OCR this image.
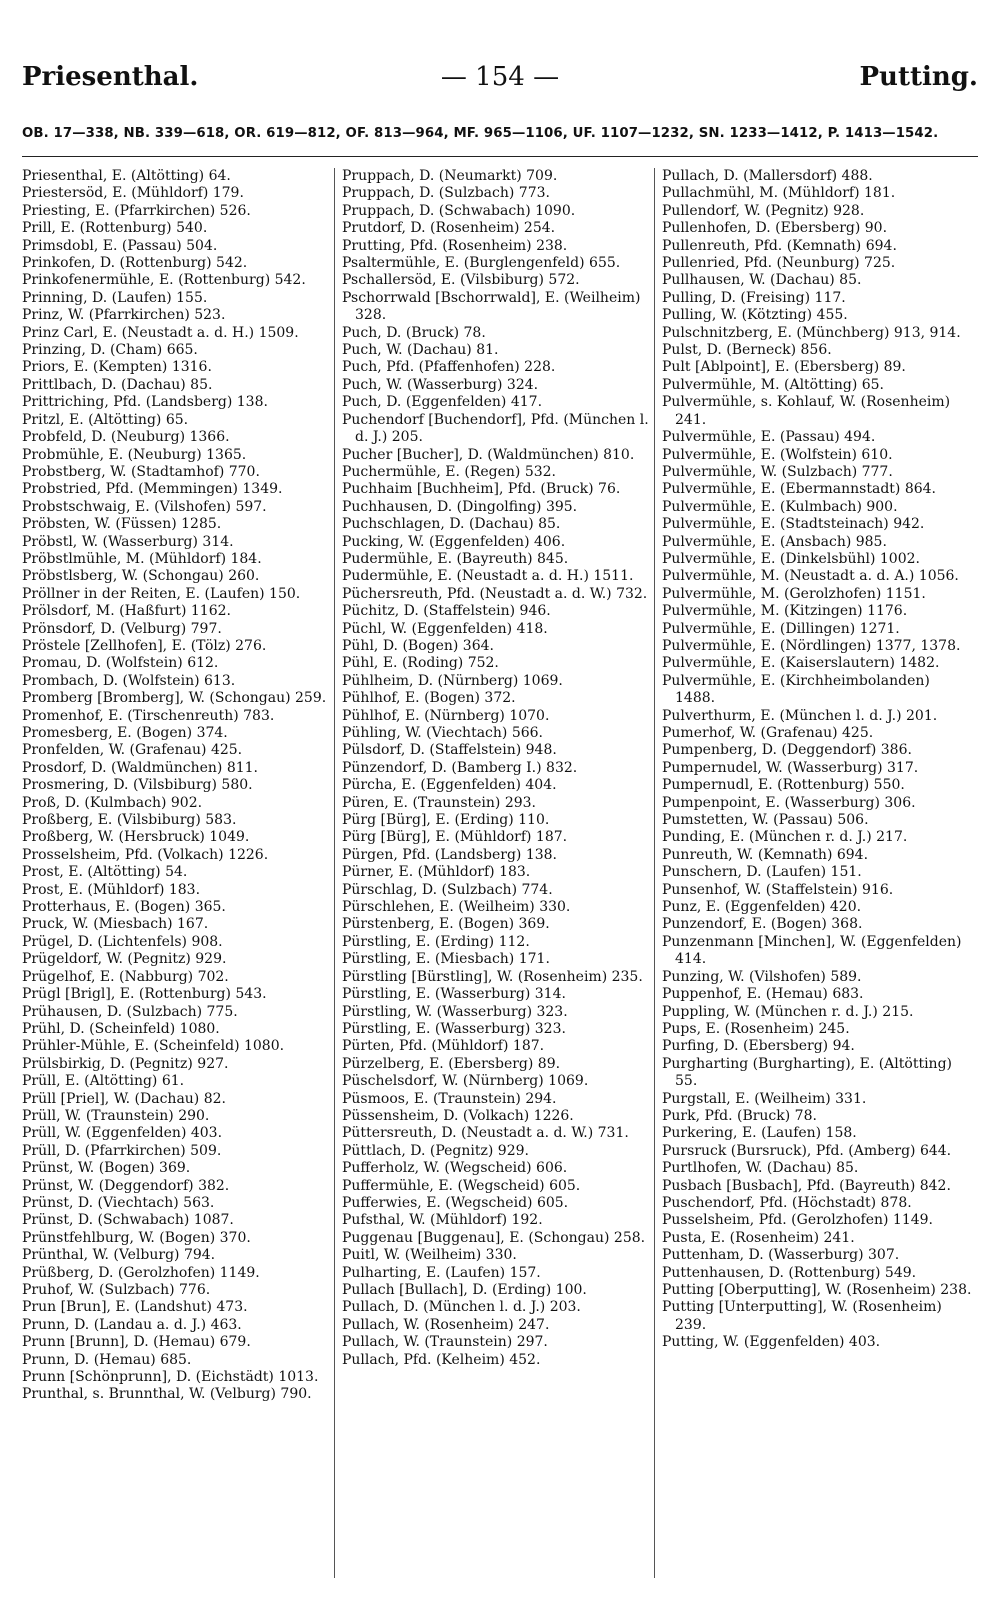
Priesenthal.	— 154 —	Putting.
OB. 17—338, NB. 339—618, OR. 619—812, OF. 813—964, MF. 965—1106, UF. 1107—1232, SN. 1233—1412, P. 1413—1542.
Priesenthal, E. (Altötting) 64.
Priestersöd, E. (Mühldorf) 179.
Priesting, E. (Pfarrkirchen) 526.
Prill, E. (Rottenburg) 540.
Primsdobl, E. (Passau) 504.
Prinkofen, D. (Rottenburg) 542.
Prinkofenermühle, E. (Rottenburg) 542.
Prinning, D. (Laufen) 155.
Prinz, W. (Pfarrkirchen) 523.
Prinz Carl, E. (Neustadt a. d. H.) 1509.
Prinzing, D. (Cham) 665.
Priors, E. (Kempten) 1316.
Prittlbach, D. (Dachau) 85.
Prittriching, Pfd. (Landsberg) 138.
Pritzl, E. (Altötting) 65.
Probfeld, D. (Neuburg) 1366.
Probmühle, E. (Neuburg) 1365.
Probstberg, W. (Stadtamhof) 770.
Probstried, Pfd. (Memmingen) 1349.
Probstschwaig, E. (Vilshofen) 597.
Pröbsten, W. (Füssen) 1285.
Pröbstl, W. (Wasserburg) 314.
Pröbstlmühle, M. (Mühldorf) 184.
Pröbstlsberg, W. (Schongau) 260.
Pröllner in der Reiten, E. (Laufen) 150.
Prölsdorf, M. (Haßfurt) 1162.
Prönsdorf, D. (Velburg) 797.
Pröstele [Zellhofen], E. (Tölz) 276.
Promau, D. (Wolfstein) 612.
Prombach, D. (Wolfstein) 613.
Promberg [Bromberg], W. (Schongau) 259.
Promenhof, E. (Tirschenreuth) 783.
Promesberg, E. (Bogen) 374.
Pronfelden, W. (Grafenau) 425.
Prosdorf, D. (Waldmünchen) 811.
Prosmering, D. (Vilsbiburg) 580.
Proß, D. (Kulmbach) 902.
Proßberg, E. (Vilsbiburg) 583.
Proßberg, W. (Hersbruck) 1049.
Prosselsheim, Pfd. (Volkach) 1226.
Prost, E. (Altötting) 54.
Prost, E. (Mühldorf) 183.
Protterhaus, E. (Bogen) 365.
Pruck, W. (Miesbach) 167.
Prügel, D. (Lichtenfels) 908.
Prügeldorf, W. (Pegnitz) 929.
Prügelhof, E. (Nabburg) 702.
Prügl [Brigl], E. (Rottenburg) 543.
Prühausen, D. (Sulzbach) 775.
Prühl, D. (Scheinfeld) 1080.
Prühler-Mühle, E. (Scheinfeld) 1080.
Prülsbirkig, D. (Pegnitz) 927.
Prüll, E. (Altötting) 61.
Prüll [Priel], W. (Dachau) 82.
Prüll, W. (Traunstein) 290.
Prüll, W. (Eggenfelden) 403.
Prüll, D. (Pfarrkirchen) 509.
Prünst, W. (Bogen) 369.
Prünst, W. (Deggendorf) 382.
Prünst, D. (Viechtach) 563.
Prünst, D. (Schwabach) 1087.
Prünstfehlburg, W. (Bogen) 370.
Prünthal, W. (Velburg) 794.
Prüßberg, D. (Gerolzhofen) 1149.
Pruhof, W. (Sulzbach) 776.
Prun [Brun], E. (Landshut) 473.
Prunn, D. (Landau a. d. J.) 463.
Prunn [Brunn], D. (Hemau) 679.
Prunn, D. (Hemau) 685.
Prunn [Schönprunn], D. (Eichstädt) 1013.
Prunthal, s. Brunnthal, W. (Velburg) 790.
Pruppach, D. (Neumarkt) 709.
Pruppach, D. (Sulzbach) 773.
Pruppach, D. (Schwabach) 1090.
Prutdorf, D. (Rosenheim) 254.
Prutting, Pfd. (Rosenheim) 238.
Psaltermühle, E. (Burglengenfeld) 655.
Pschallersöd, E. (Vilsbiburg) 572.
Pschorrwald [Bschorrwald], E. (Weilheim) 328.
Puch, D. (Bruck) 78.
Puch, W. (Dachau) 81.
Puch, Pfd. (Pfaffenhofen) 228.
Puch, W. (Wasserburg) 324.
Puch, D. (Eggenfelden) 417.
Puchendorf [Buchendorf], Pfd. (München l. d. J.) 205.
Pucher [Bucher], D. (Waldmünchen) 810.
Puchermühle, E. (Regen) 532.
Puchhaim [Buchheim], Pfd. (Bruck) 76.
Puchhausen, D. (Dingolfing) 395.
Puchschlagen, D. (Dachau) 85.
Pucking, W. (Eggenfelden) 406.
Pudermühle, E. (Bayreuth) 845.
Pudermühle, E. (Neustadt a. d. H.) 1511.
Püchersreuth, Pfd. (Neustadt a. d. W.) 732.
Püchitz, D. (Staffelstein) 946.
Püchl, W. (Eggenfelden) 418.
Pühl, D. (Bogen) 364.
Pühl, E. (Roding) 752.
Pühlheim, D. (Nürnberg) 1069.
Pühlhof, E. (Bogen) 372.
Pühlhof, E. (Nürnberg) 1070.
Pühling, W. (Viechtach) 566.
Pülsdorf, D. (Staffelstein) 948.
Pünzendorf, D. (Bamberg I.) 832.
Pürcha, E. (Eggenfelden) 404.
Püren, E. (Traunstein) 293.
Pürg [Bürg], E. (Erding) 110.
Pürg [Bürg], E. (Mühldorf) 187.
Pürgen, Pfd. (Landsberg) 138.
Pürner, E. (Mühldorf) 183.
Pürschlag, D. (Sulzbach) 774.
Pürschlehen, E. (Weilheim) 330.
Pürstenberg, E. (Bogen) 369.
Pürstling, E. (Erding) 112.
Pürstling, E. (Miesbach) 171.
Pürstling [Bürstling], W. (Rosenheim) 235.
Pürstling, E. (Wasserburg) 314.
Pürstling, W. (Wasserburg) 323.
Pürstling, E. (Wasserburg) 323.
Pürten, Pfd. (Mühldorf) 187.
Pürzelberg, E. (Ebersberg) 89.
Püschelsdorf, W. (Nürnberg) 1069.
Püsmoos, E. (Traunstein) 294.
Püssensheim, D. (Volkach) 1226.
Püttersreuth, D. (Neustadt a. d. W.) 731.
Püttlach, D. (Pegnitz) 929.
Pufferholz, W. (Wegscheid) 606.
Puffermühle, E. (Wegscheid) 605.
Pufferwies, E. (Wegscheid) 605.
Pufsthal, W. (Mühldorf) 192.
Puggenau [Buggenau], E. (Schongau) 258.
Puitl, W. (Weilheim) 330.
Pulharting, E. (Laufen) 157.
Pullach [Bullach], D. (Erding) 100.
Pullach, D. (München l. d. J.) 203.
Pullach, W. (Rosenheim) 247.
Pullach, W. (Traunstein) 297.
Pullach, Pfd. (Kelheim) 452.
Pullach, D. (Mallersdorf) 488.
Pullachmühl, M. (Mühldorf) 181.
Pullendorf, W. (Pegnitz) 928.
Pullenhofen, D. (Ebersberg) 90.
Pullenreuth, Pfd. (Kemnath) 694.
Pullenried, Pfd. (Neunburg) 725.
Pullhausen, W. (Dachau) 85.
Pulling, D. (Freising) 117.
Pulling, W. (Kötzting) 455.
Pulschnitzberg, E. (Münchberg) 913, 914.
Pulst, D. (Berneck) 856.
Pult [Ablpoint], E. (Ebersberg) 89.
Pulvermühle, M. (Altötting) 65.
Pulvermühle, s. Kohlauf, W. (Rosenheim) 241.
Pulvermühle, E. (Passau) 494.
Pulvermühle, E. (Wolfstein) 610.
Pulvermühle, W. (Sulzbach) 777.
Pulvermühle, E. (Ebermannstadt) 864.
Pulvermühle, E. (Kulmbach) 900.
Pulvermühle, E. (Stadtsteinach) 942.
Pulvermühle, E. (Ansbach) 985.
Pulvermühle, E. (Dinkelsbühl) 1002.
Pulvermühle, M. (Neustadt a. d. A.) 1056.
Pulvermühle, M. (Gerolzhofen) 1151.
Pulvermühle, M. (Kitzingen) 1176.
Pulvermühle, E. (Dillingen) 1271.
Pulvermühle, E. (Nördlingen) 1377, 1378.
Pulvermühle, E. (Kaiserslautern) 1482.
Pulvermühle, E. (Kirchheimbolanden) 1488.
Pulverthurm, E. (München l. d. J.) 201.
Pumerhof, W. (Grafenau) 425.
Pumpenberg, D. (Deggendorf) 386.
Pumpernudel, W. (Wasserburg) 317.
Pumpernudl, E. (Rottenburg) 550.
Pumpenpoint, E. (Wasserburg) 306.
Pumstetten, W. (Passau) 506.
Punding, E. (München r. d. J.) 217.
Punreuth, W. (Kemnath) 694.
Punschern, D. (Laufen) 151.
Punsenhof, W. (Staffelstein) 916.
Punz, E. (Eggenfelden) 420.
Punzendorf, E. (Bogen) 368.
Punzenmann [Minchen], W. (Eggenfelden) 414.
Punzing, W. (Vilshofen) 589.
Puppenhof, E. (Hemau) 683.
Puppling, W. (München r. d. J.) 215.
Pups, E. (Rosenheim) 245.
Purfing, D. (Ebersberg) 94.
Purgharting (Burgharting), E. (Altötting) 55.
Purgstall, E. (Weilheim) 331.
Purk, Pfd. (Bruck) 78.
Purkering, E. (Laufen) 158.
Pursruck (Bursruck), Pfd. (Amberg) 644.
Purtlhofen, W. (Dachau) 85.
Pusbach [Busbach], Pfd. (Bayreuth) 842.
Puschendorf, Pfd. (Höchstadt) 878.
Pusselsheim, Pfd. (Gerolzhofen) 1149.
Pusta, E. (Rosenheim) 241.
Puttenham, D. (Wasserburg) 307.
Puttenhausen, D. (Rottenburg) 549.
Putting [Oberputting], W. (Rosenheim) 238.
Putting [Unterputting], W. (Rosenheim) 239.
Putting, W. (Eggenfelden) 403.
